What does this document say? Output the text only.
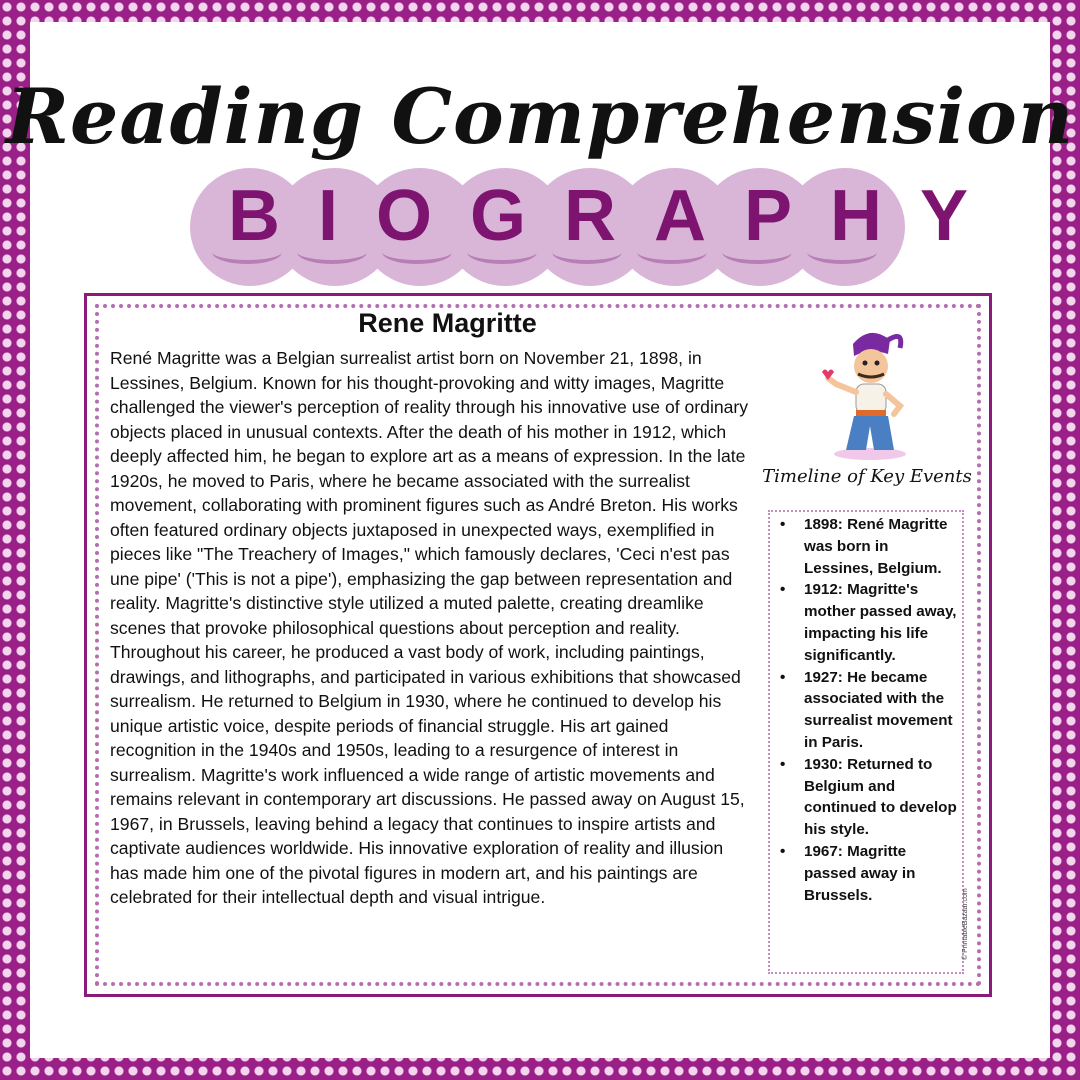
Reading Comprehension
BIOGRAPHY
Rene Magritte

René Magritte was a Belgian surrealist artist born on November 21, 1898, in Lessines, Belgium. Known for his thought-provoking and witty images, Magritte challenged the viewer's perception of reality through his innovative use of ordinary objects placed in unusual contexts. After the death of his mother in 1912, which deeply affected him, he began to explore art as a means of expression. In the late 1920s, he moved to Paris, where he became associated with the surrealist movement, collaborating with prominent figures such as André Breton. His works often featured ordinary objects juxtaposed in unexpected ways, exemplified in pieces like "The Treachery of Images," which famously declares, 'Ceci n'est pas une pipe' ('This is not a pipe'), emphasizing the gap between representation and reality. Magritte's distinctive style utilized a muted palette, creating dreamlike scenes that provoke philosophical questions about perception and reality. Throughout his career, he produced a vast body of work, including paintings, drawings, and lithographs, and participated in various exhibitions that showcased surrealism. He returned to Belgium in 1930, where he continued to develop his unique artistic voice, despite periods of financial struggle. His art gained recognition in the 1940s and 1950s, leading to a resurgence of interest in surrealism. Magritte's work influenced a wide range of artistic movements and remains relevant in contemporary art discussions. He passed away on August 15, 1967, in Brussels, leaving behind a legacy that continues to inspire artists and captivate audiences worldwide. His innovative exploration of reality and illusion has made him one of the pivotal figures in modern art, and his paintings are celebrated for their intellectual depth and visual intrigue.

Timeline of Key Events
• 1898: René Magritte was born in Lessines, Belgium.
• 1912: Magritte's mother passed away, impacting his life significantly.
• 1927: He became associated with the surrealist movement in Paris.
• 1930: Returned to Belgium and continued to develop his style.
• 1967: Magritte passed away in Brussels.	© PrintableBazaar.com
